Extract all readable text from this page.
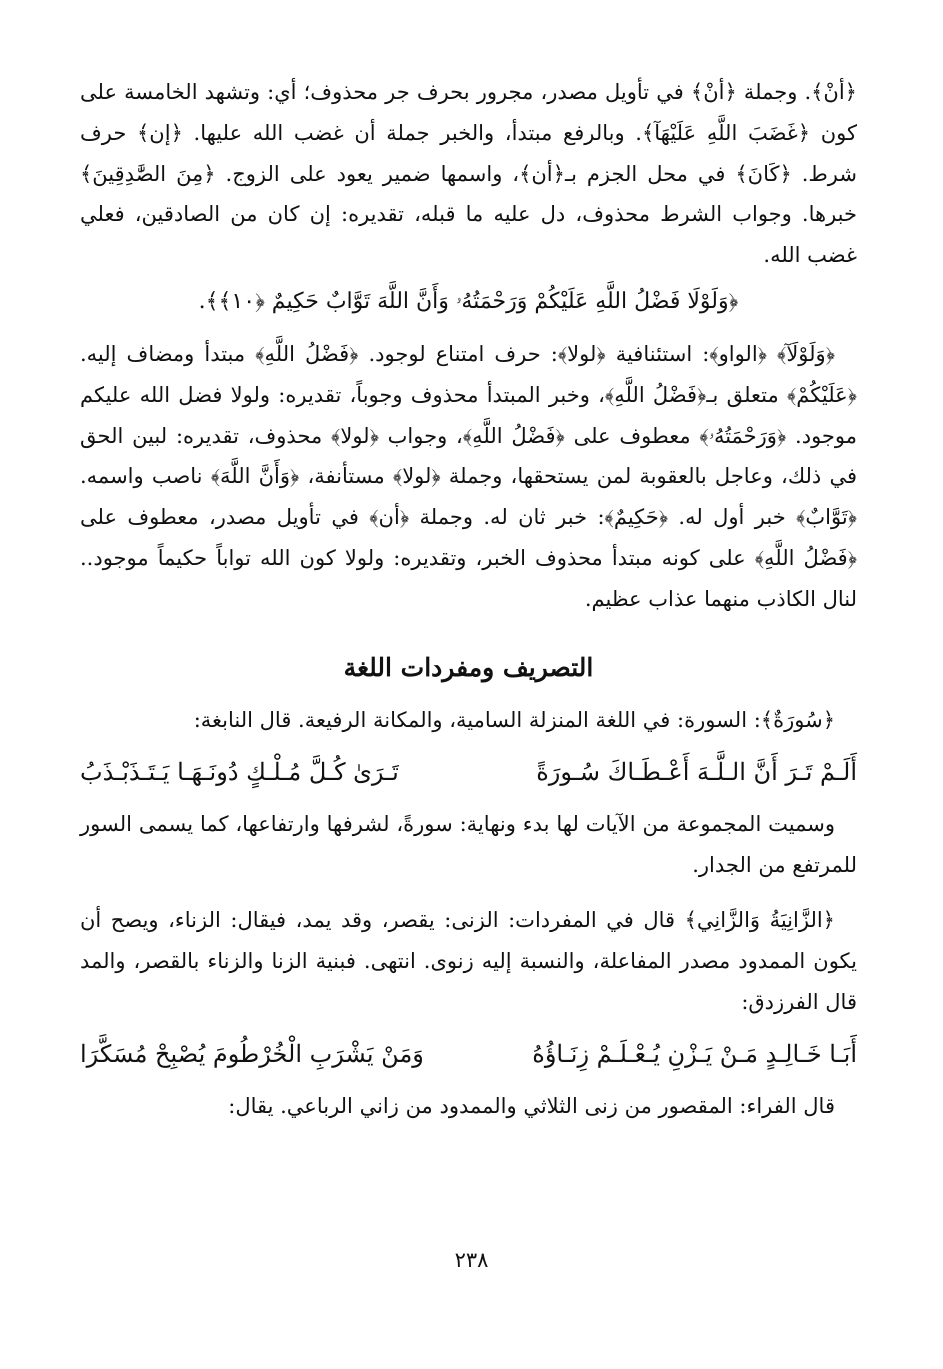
﴿أنْ﴾. وجملة ﴿أنْ﴾ في تأويل مصدر، مجرور بحرف جر محذوف؛ أي: وتشهد الخامسة على كون ﴿غَضَبَ اللَّهِ عَلَيْهَآ﴾. وبالرفع مبتدأ، والخبر جملة أن غضب الله عليها. ﴿إن﴾ حرف شرط. ﴿كَانَ﴾ في محل الجزم بـ﴿أن﴾، واسمها ضمير يعود على الزوج. ﴿مِنَ الصَّٰدِقِينَ﴾ خبرها. وجواب الشرط محذوف، دل عليه ما قبله، تقديره: إن كان من الصادقين، فعلي غضب الله.

﴿وَلَوْلَا فَضْلُ اللَّهِ عَلَيْكُمْ وَرَحْمَتُهُۥ وَأَنَّ اللَّهَ تَوَّابٌ حَكِيمٌ ﴿١٠﴾﴾.

﴿وَلَوْلَآ﴾ ﴿الواو﴾: استئنافية ﴿لولا﴾: حرف امتناع لوجود. ﴿فَضْلُ اللَّهِ﴾ مبتدأ ومضاف إليه. ﴿عَلَيْكُمْ﴾ متعلق بـ﴿فَضْلُ اللَّهِ﴾، وخبر المبتدأ محذوف وجوباً، تقديره: ولولا فضل الله عليكم موجود. ﴿وَرَحْمَتُهُۥ﴾ معطوف على ﴿فَضْلُ اللَّهِ﴾، وجواب ﴿لولا﴾ محذوف، تقديره: لبين الحق في ذلك، وعاجل بالعقوبة لمن يستحقها، وجملة ﴿لولا﴾ مستأنفة، ﴿وَأَنَّ اللَّهَ﴾ ناصب واسمه. ﴿تَوَّابٌ﴾ خبر أول له. ﴿حَكِيمٌ﴾: خبر ثان له. وجملة ﴿أن﴾ في تأويل مصدر، معطوف على ﴿فَضْلُ اللَّهِ﴾ على كونه مبتدأ محذوف الخبر، وتقديره: ولولا كون الله تواباً حكيماً موجود.. لنال الكاذب منهما عذاب عظيم.

التصريف ومفردات اللغة

﴿سُورَةٌ﴾: السورة: في اللغة المنزلة السامية، والمكانة الرفيعة. قال النابغة:

أَلَـمْ تَـرَ أَنَّ الـلَّـهَ أَعْـطَـاكَ سُـورَةً
تَـرَىٰ كُـلَّ مُـلْـكٍ دُونَـهَـا يَـتَـذَبْـذَبُ

وسميت المجموعة من الآيات لها بدء ونهاية: سورةً، لشرفها وارتفاعها، كما يسمى السور للمرتفع من الجدار.

﴿الزَّانِيَةُ وَالزَّانِي﴾ قال في المفردات: الزنى: يقصر، وقد يمد، فيقال: الزناء، ويصح أن يكون الممدود مصدر المفاعلة، والنسبة إليه زنوى. انتهى. فبنية الزنا والزناء بالقصر، والمد قال الفرزدق:

أَبَـا خَـالِـدٍ مَـنْ يَـزْنِ يُـعْـلَـمْ زِنَـاؤُهُ
وَمَنْ يَشْرَبِ الْخُرْطُومَ يُصْبِحْ مُسَكَّرَا

قال الفراء: المقصور من زنى الثلاثي والممدود من زاني الرباعي. يقال:

٢٣٨
